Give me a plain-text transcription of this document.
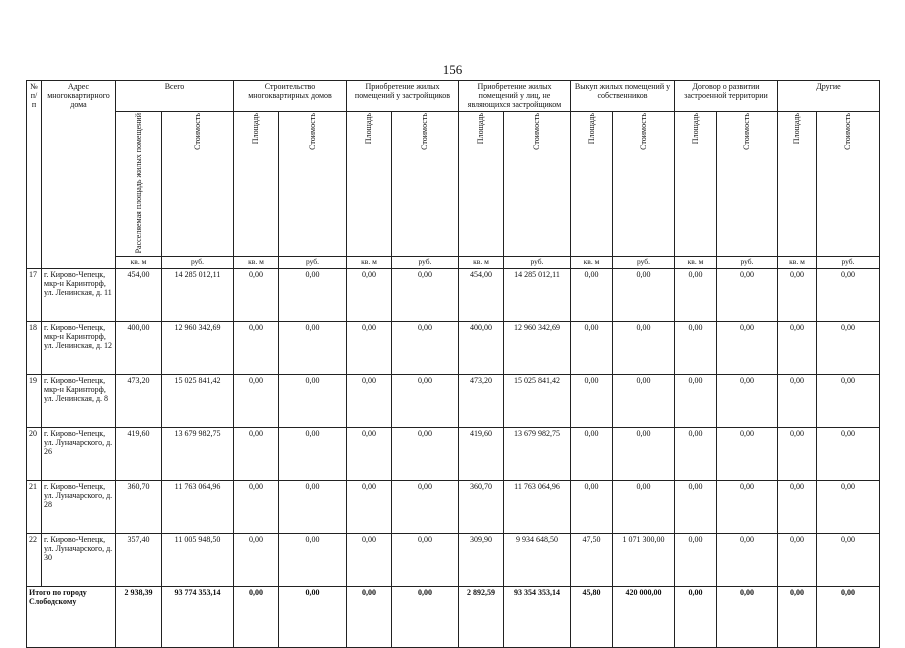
156
№ п/п	Адрес многоквартирного дома	Всего		Строительство многоквартирных домов		Приобретение жилых помещений у застройщиков		Приобретение жилых помещений у лиц, не являющихся застройщиком		Выкуп жилых помещений у собственников		Договор о развитии застроенной территории		Другие	
		Расселяемая площадь жилых помещений	Стоимость	Площадь	Стоимость	Площадь	Стоимость	Площадь	Стоимость	Площадь	Стоимость	Площадь	Стоимость	Площадь	Стоимость
		кв. м	руб.	кв. м	руб.	кв. м	руб.	кв. м	руб.	кв. м	руб.	кв. м	руб.	кв. м	руб.
17	г. Кирово-Чепецк, мкр-н Каринторф, ул. Ленинская, д. 11	454,00	14 285 012,11	0,00	0,00	0,00	0,00	454,00	14 285 012,11	0,00	0,00	0,00	0,00	0,00	0,00
18	г. Кирово-Чепецк, мкр-н Каринторф, ул. Ленинская, д. 12	400,00	12 960 342,69	0,00	0,00	0,00	0,00	400,00	12 960 342,69	0,00	0,00	0,00	0,00	0,00	0,00
19	г. Кирово-Чепецк, мкр-н Каринторф, ул. Ленинская, д. 8	473,20	15 025 841,42	0,00	0,00	0,00	0,00	473,20	15 025 841,42	0,00	0,00	0,00	0,00	0,00	0,00
20	г. Кирово-Чепецк, ул. Луначарского, д. 26	419,60	13 679 982,75	0,00	0,00	0,00	0,00	419,60	13 679 982,75	0,00	0,00	0,00	0,00	0,00	0,00
21	г. Кирово-Чепецк, ул. Луначарского, д. 28	360,70	11 763 064,96	0,00	0,00	0,00	0,00	360,70	11 763 064,96	0,00	0,00	0,00	0,00	0,00	0,00
22	г. Кирово-Чепецк, ул. Луначарского, д. 30	357,40	11 005 948,50	0,00	0,00	0,00	0,00	309,90	9 934 648,50	47,50	1 071 300,00	0,00	0,00	0,00	0,00
Итого по городу Слободскому		2 938,39	93 774 353,14	0,00	0,00	0,00	0,00	2 892,59	93 354 353,14	45,80	420 000,00	0,00	0,00	0,00	0,00
